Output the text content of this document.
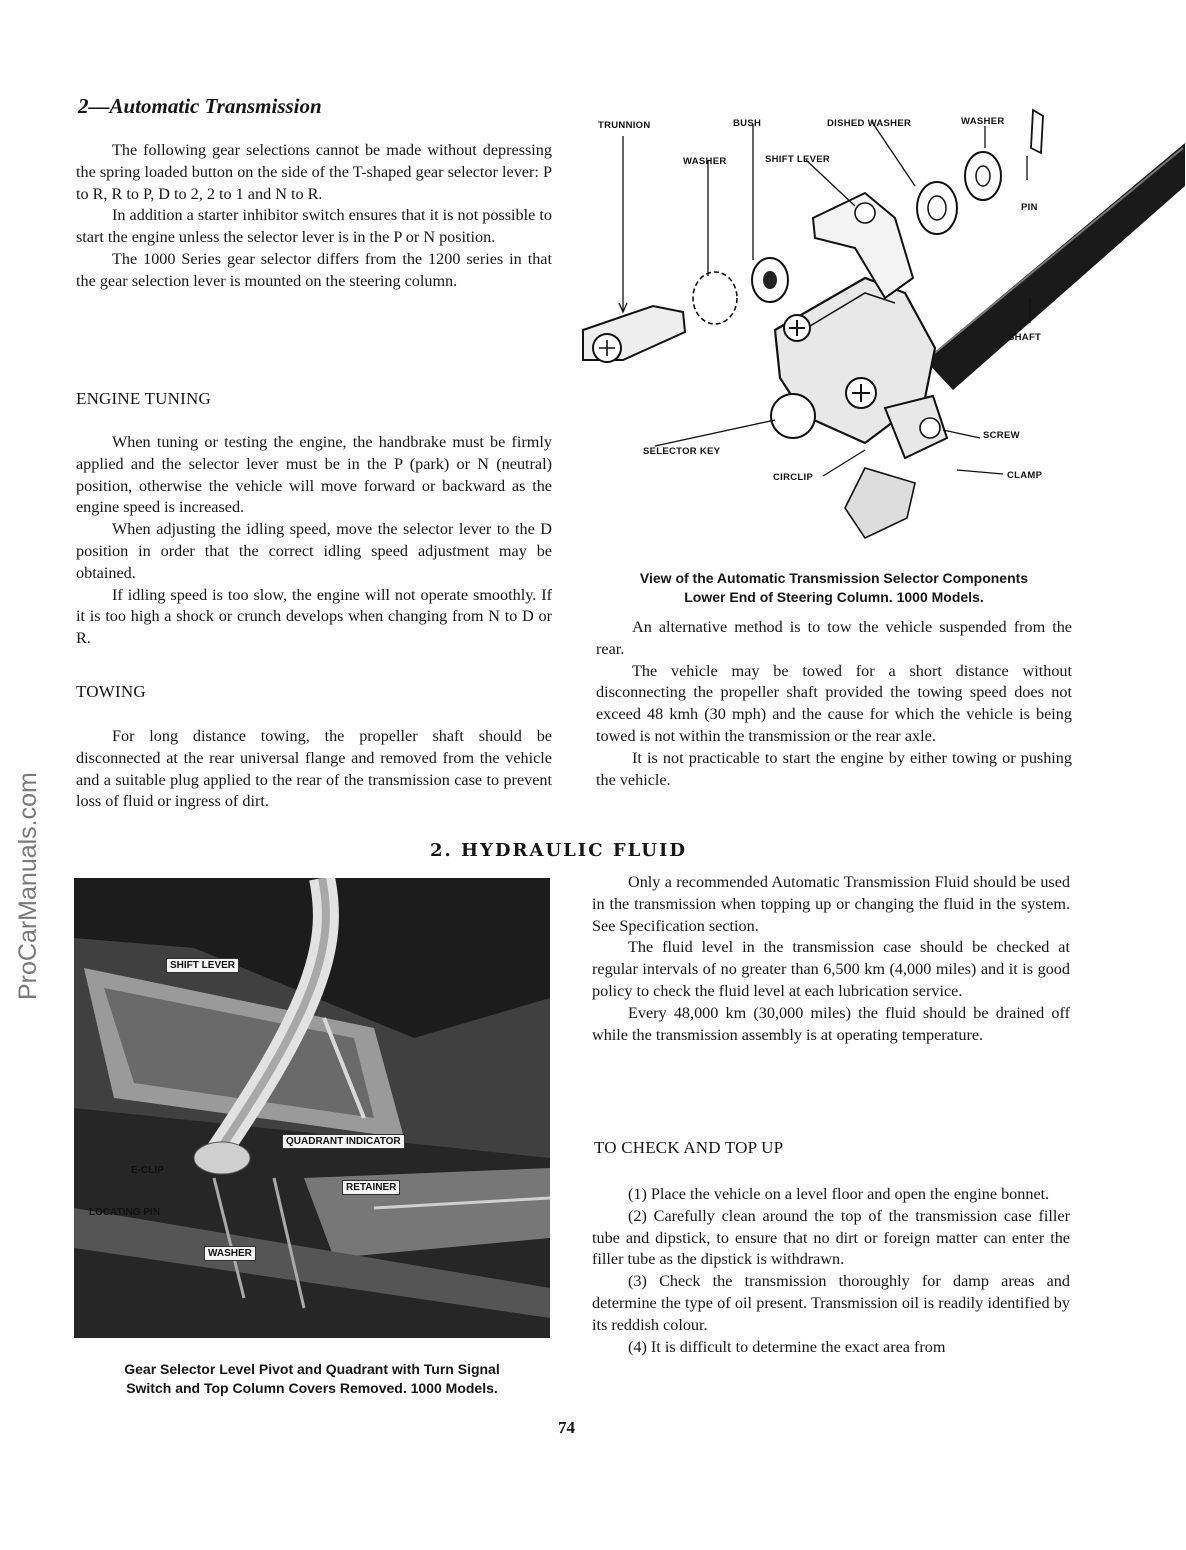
ProCarManuals.com
2—Automatic Transmission

The following gear selections cannot be made without depressing the spring loaded button on the side of the T-shaped gear selector lever: P to R, R to P, D to 2, 2 to 1 and N to R.

In addition a starter inhibitor switch ensures that it is not possible to start the engine unless the selector lever is in the P or N position.

The 1000 Series gear selector differs from the 1200 series in that the gear selection lever is mounted on the steering column.

ENGINE TUNING

When tuning or testing the engine, the handbrake must be firmly applied and the selector lever must be in the P (park) or N (neutral) position, otherwise the vehicle will move forward or backward as the engine speed is increased.

When adjusting the idling speed, move the selector lever to the D position in order that the correct idling speed adjustment may be obtained.

If idling speed is too slow, the engine will not operate smoothly. If it is too high a shock or crunch develops when changing from N to D or R.

TOWING

For long distance towing, the propeller shaft should be disconnected at the rear universal flange and removed from the vehicle and a suitable plug applied to the rear of the transmission case to prevent loss of fluid or ingress of dirt.

TRUNNION	BUSH	DISHED WASHER	WASHER
WASHER	SHIFT LEVER
PIN
SHAFT
SCREW
SELECTOR KEY
CIRCLIP	CLAMP
View of the Automatic Transmission Selector Components
Lower End of Steering Column. 1000 Models.

An alternative method is to tow the vehicle suspended from the rear.

The vehicle may be towed for a short distance without disconnecting the propeller shaft provided the towing speed does not exceed 48 kmh (30 mph) and the cause for which the vehicle is being towed is not within the transmission or the rear axle.

It is not practicable to start the engine by either towing or pushing the vehicle.

2. HYDRAULIC FLUID
SHIFT LEVER
QUADRANT INDICATOR
E-CLIP
RETAINER
LOCATING PIN
WASHER
Gear Selector Level Pivot and Quadrant with Turn Signal
Switch and Top Column Covers Removed. 1000 Models.

Only a recommended Automatic Transmission Fluid should be used in the transmission when topping up or changing the fluid in the system. See Specification section.

The fluid level in the transmission case should be checked at regular intervals of no greater than 6,500 km (4,000 miles) and it is good policy to check the fluid level at each lubrication service.

Every 48,000 km (30,000 miles) the fluid should be drained off while the transmission assembly is at operating temperature.

TO CHECK AND TOP UP

(1) Place the vehicle on a level floor and open the engine bonnet.

(2) Carefully clean around the top of the transmission case filler tube and dipstick, to ensure that no dirt or foreign matter can enter the filler tube as the dipstick is withdrawn.

(3) Check the transmission thoroughly for damp areas and determine the type of oil present. Transmission oil is readily identified by its reddish colour.

(4) It is difficult to determine the exact area from

74
